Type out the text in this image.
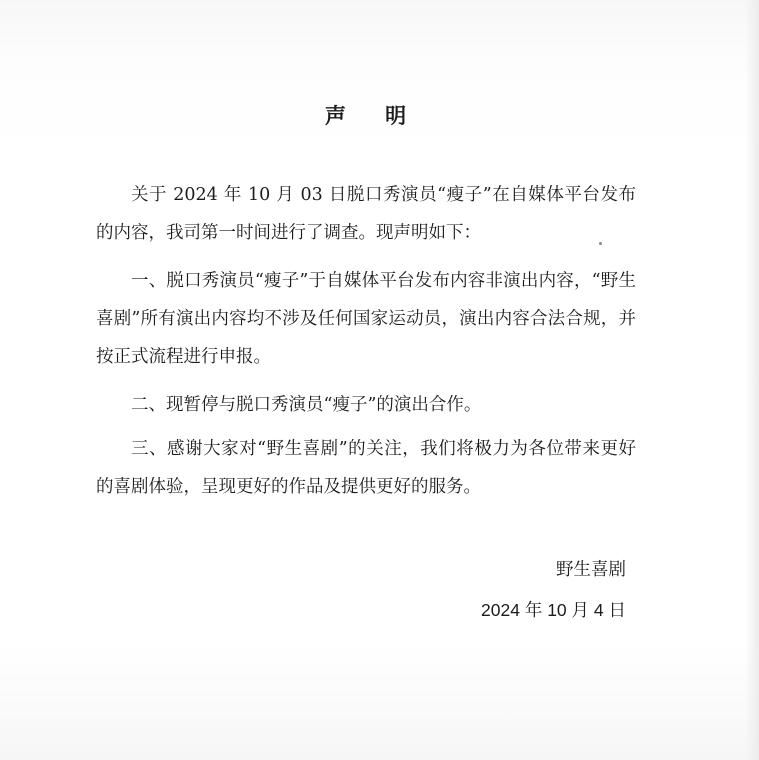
声 明

关于 2024 年 10 月 03 日脱口秀演员“瘦子”在自媒体平台发布的内容，我司第一时间进行了调查。现声明如下：

一、脱口秀演员“瘦子”于自媒体平台发布内容非演出内容，“野生喜剧”所有演出内容均不涉及任何国家运动员，演出内容合法合规，并按正式流程进行申报。

二、现暂停与脱口秀演员“瘦子”的演出合作。

三、感谢大家对“野生喜剧”的关注，我们将极力为各位带来更好的喜剧体验，呈现更好的作品及提供更好的服务。

野生喜剧
2024 年 10 月 4 日
